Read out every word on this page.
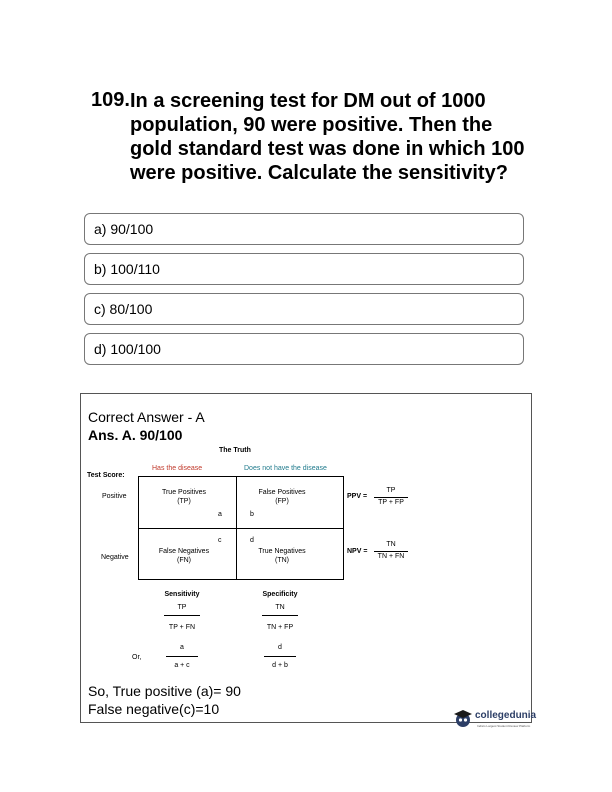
109. In a screening test for DM out of 1000 population, 90 were positive. Then the gold standard test was done in which 100 were positive. Calculate the sensitivity?
a) 90/100
b) 100/110
c) 80/100
d) 100/100
Correct Answer - A
Ans. A. 90/100
The Truth
Has the disease	Does not have the disease
Test Score:
Positive
Negative
True Positives
(TP)
a
False Positives
(FP)
b
c
False Negatives
(FN)
d
True Negatives
(TN)
PPV =
TP
TP + FP
NPV =
TN
TN + FN
Sensitivity
TP
TP + FN
Specificity
TN
TN + FP
Or,
a
a + c
d
d + b
So, True positive (a)= 90
False negative(c)=10	collegedunia
India's Largest Student Review Platform
